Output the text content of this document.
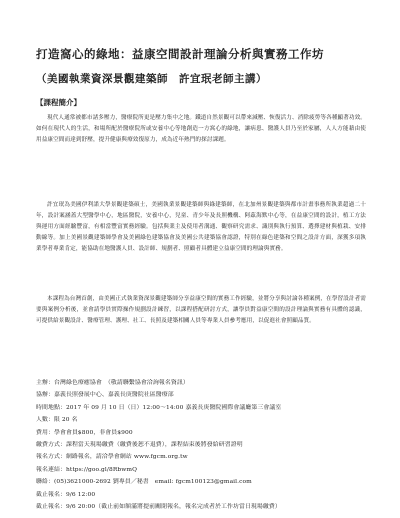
打造窩心的綠地：益康空間設計理論分析與實務工作坊
（美國執業資深景觀建築師　許宜珉老師主講）
【課程簡介】
現代人通常被都市諸多壓力，醫療院所更是壓力集中之地。鐵道自然景觀可以帶來減壓、恢復活力、消除疲勞等各種顯著功效。如何在現代人的生活，和場所配於醫療院所或安養中心等地創造一方窩心的綠地，讓病患、醫護人員乃至於家屬，人人方能藉由使用益康空間而達到舒壓，提升健康與療效復原力，成為近年熱門的探討課題。
許宜珉為美國伊利諾大學景觀建築碩士，美國執業景觀建築師與綠建築師，在北加州景觀建築與都市計畫事務所執業超過二十年，設計案涵蓋大型醫學中心，地區醫院，安養中心，兒童、青少年及長照機構、阿茲海默中心等，在益康空間的設計，植工方法與運用方面經驗豐富，有相當豐富實務經驗。包括與業主及使用者溝通、觀察研究需求、識別與執行預算、選擇建材與植栽、安排動線等。加上美國景觀建築師學會及美國綠色建築協會及美國公共建築協會認證，特別在綠色建築和空間之設計方面，深獲多項執業學者專業肯定，能協助在地醫護人員、設計師、規劃者、照顧者具體建立益康空間的理論與實務。
本課程為台灣首創，由美國正式執業資深景觀建築師分享益康空間的實務工作經驗，並將分享與討論各種案例，在學習設計者需要與案例分析後，並會請學員實際操作規劃設計練習，以課程搭配研討方式，讓學員對益康空間的設計理論與實務有具體的認識，可提供給景觀設計、醫療管理、護理、社工、長照及建築相關人員等專業人員參考應用，以促進社會照顧品質。
主辦：台灣綠色療癒協會　（敬請聯繫協會洽詢報名資訊）
協辦：嘉義長照發展中心、嘉義長庚醫院社區醫療部
時間地點：2017 年 09 月 10 日（日）12:00～14:00 嘉義長庚醫院國際會議廳第三會議室
人數：限 20 名
費用：學會會員$800，非會員$900
繳費方式：課程當天現場繳費（繳費後恕不退費），課程結束後將發給研習證明
報名方式：網路報名，請洽學會網站 www.fgcm.org.tw
報名連結：https://goo.gl/8RbwmQ
聯絡：(05)3621000-2692 劉專員／秘書　email: fgcm100123@gmail.com
截止報名：9/6 12:00
截止報名：9/6 20:00（截止前如額滿將提前關閉報名，報名完成者於工作坊當日現場繳費）
